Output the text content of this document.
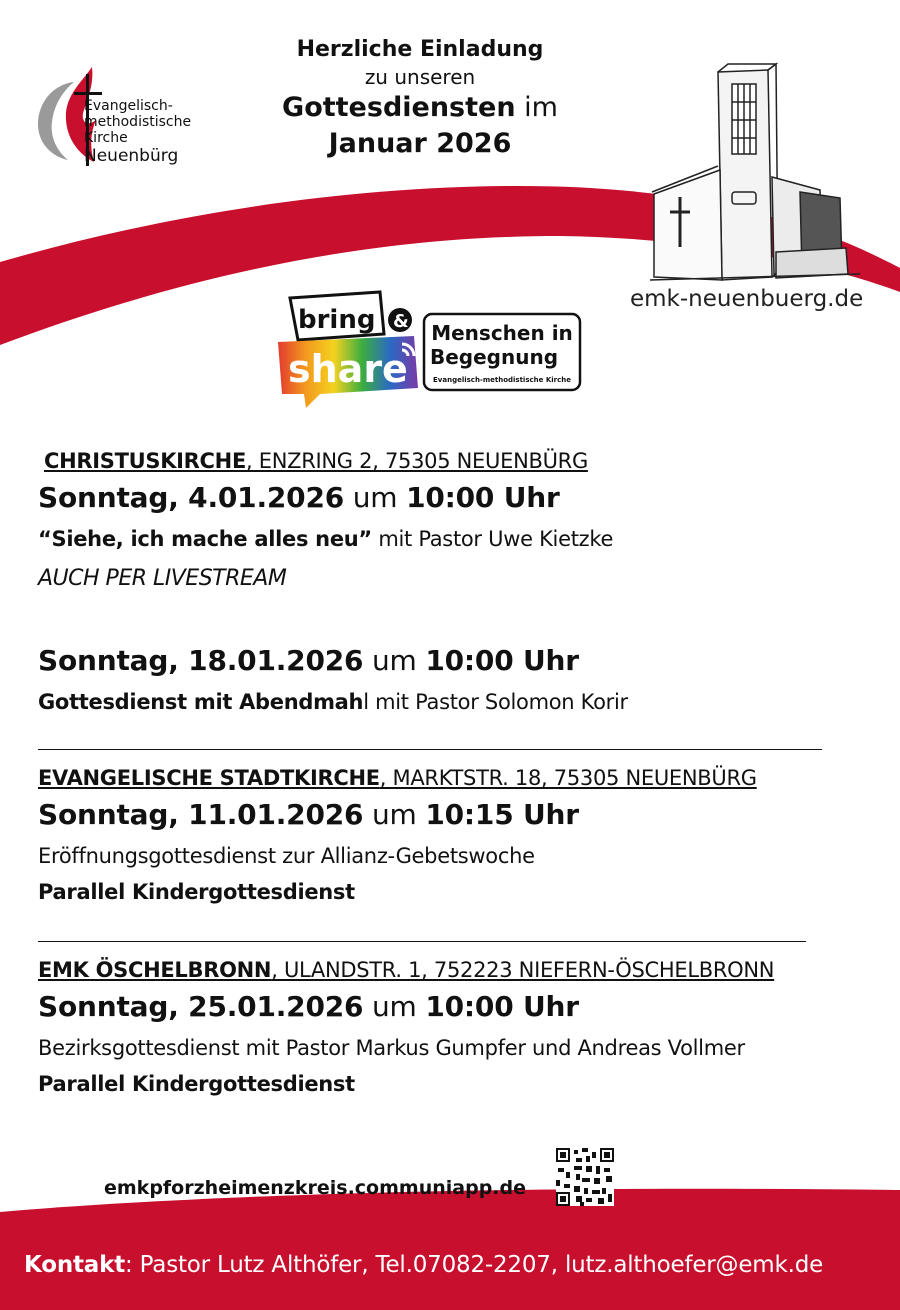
Evangelisch-
methodistische
Kirche
Neuenbürg
Herzliche Einladung
zu unseren
Gottesdiensten im Januar 2026
emk-neuenbuerg.de
bring
share
& Menschen in
Begegnung
Evangelisch-methodistische Kirche
CHRISTUSKIRCHE, ENZRING 2, 75305 NEUENBÜRG
Sonntag, 4.01.2026 um 10:00 Uhr
“Siehe, ich mache alles neu” mit Pastor Uwe Kietzke
AUCH PER LIVESTREAM
Sonntag, 18.01.2026 um 10:00 Uhr
Gottesdienst mit Abendmahl mit Pastor Solomon Korir
EVANGELISCHE STADTKIRCHE, MARKTSTR. 18, 75305 NEUENBÜRG
Sonntag, 11.01.2026 um 10:15 Uhr
Eröffnungsgottesdienst zur Allianz-Gebetswoche
Parallel Kindergottesdienst
EMK ÖSCHELBRONN, ULANDSTR. 1, 752223 NIEFERN-ÖSCHELBRONN
Sonntag, 25.01.2026 um 10:00 Uhr
Bezirksgottesdienst mit Pastor Markus Gumpfer und Andreas Vollmer
Parallel Kindergottesdienst
emkpforzheimenzkreis.communiapp.de
Kontakt: Pastor Lutz Althöfer, Tel.07082-2207, lutz.althoefer@emk.de
